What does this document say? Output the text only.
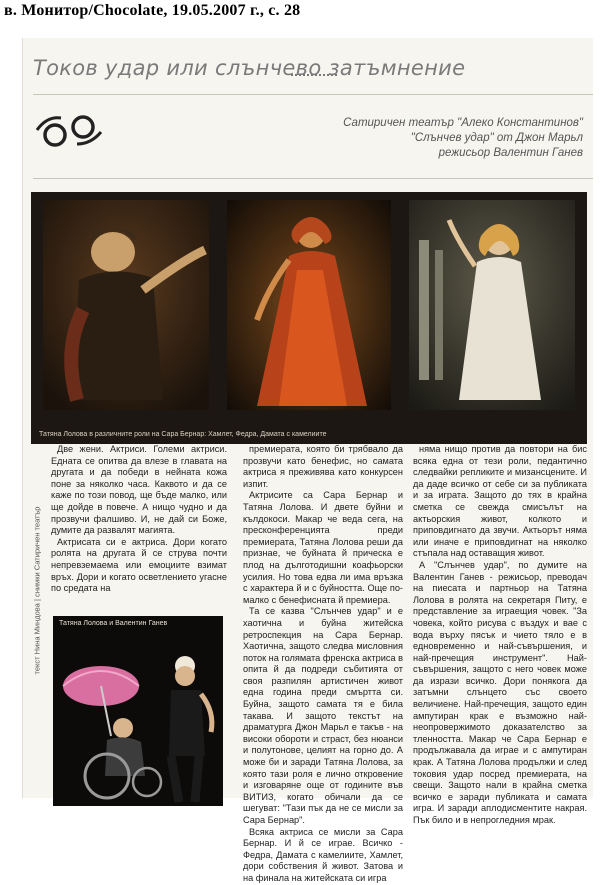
в. Монитор/Chocolate, 19.05.2007 г., с. 28
Токов удар или слънчево затъмнение
Сатиричен театър "Алеко Константинов"
"Слънчев удар" от Джон Марьл
режисьор Валентин Ганев
Татяна Лолова в различните роли на Сара Бернар: Хамлет, Федра, Дамата с камелиите
текст Нина Миндова | снимки Сатиричен театър

Две жени. Актриси. Големи актриси. Едната се опитва да влезе в главата на другата и да победи в нейната кожа поне за няколко часа. Каквото и да се каже по този повод, ще бъде малко, или ще дойде в повече. А нищо чудно и да прозвучи фалшиво. И, не дай си Боже, думите да развалят магията.

Актрисата си е актриса. Дори когато ролята на другата й се струва почти непревземаема или емоциите взимат връх. Дори и когато осветлението угасне по средата на

премиерата, която би трябвало да прозвучи като бенефис, но самата актриса я преживява като конкурсен изпит.

Актрисите са Сара Бернар и Татяна Лолова. И двете буйни и кълдокоси. Макар че веда сега, на пресконференцията преди премиерата, Татяна Лолова реши да признае, че буйната й прическа е плод на дълготодишни коафьорски усилия. Но това едва ли има връзка с характера й и с буйността. Още по-малко с бенефисната й премиера.

Та се казва "Слънчев удар" и е хаотична и буйна житейска ретроспекция на Сара Бернар. Хаотична, защото следва мисловния поток на голямата френска актриса в опита й да подреди събитията от своя разпилян артистичен живот една година преди смъртта си. Буйна, защото самата тя е била такава. И защото текстът на драматурга Джон Марьл е такъв - на високи обороти и страст, без нюанси и полутонове, целият на горно до. А може би и заради Татяна Лолова, за която тази роля е лично откровение и изговаряне още от годините във ВИТИЗ, когато обичали да се шегуват: "Тази пък да не се мисли за Сара Бернар".

Всяка актриса се мисли за Сара Бернар. И й се играе. Всичко - Федра, Дамата с камелиите, Хамлет, дори собствения й живот. Затова и на финала на житейската си игра

няма нищо против да повтори на бис всяка една от тези роли, педантично следвайки репликите и мизансцените. И да даде всичко от себе си за публиката и за играта. Защото до тях в крайна сметка се свежда смисълът на актьорския живот, колкото и приповдигнато да звучи. Актьорът няма или иначе е приповдигнат на няколко стъпала над оставащия живот.

А "Слънчев удар", по думите на Валентин Ганев - режисьор, преводач на пиесата и партньор на Татяна Лолова в ролята на секретаря Питу, е представление за играещия човек. "За човека, който рисува с въздух и ваe с вода върху пясък и чието тяло е в едновременно и най-съвършения, и най-пречещия инструмент". Най-съвършения, защото с него човек може да изрази всичко. Дори понякога да затъмни слънцето със своето величиене. Най-пречещия, защото един ампутиран крак е възможно най-неопровержимото доказателство за тленността. Макар че Сара Бернар е продължавала да играе и с ампутиран крак. А Татяна Лолова продължи и след токовия удар посред премиерата, на свещи. Защото нали в крайна сметка всичко е заради публиката и самата игра. И заради аплодисментите накрая. Пък било и в непрогледния мрак.

Татяна Лолова и Валентин Ганев
